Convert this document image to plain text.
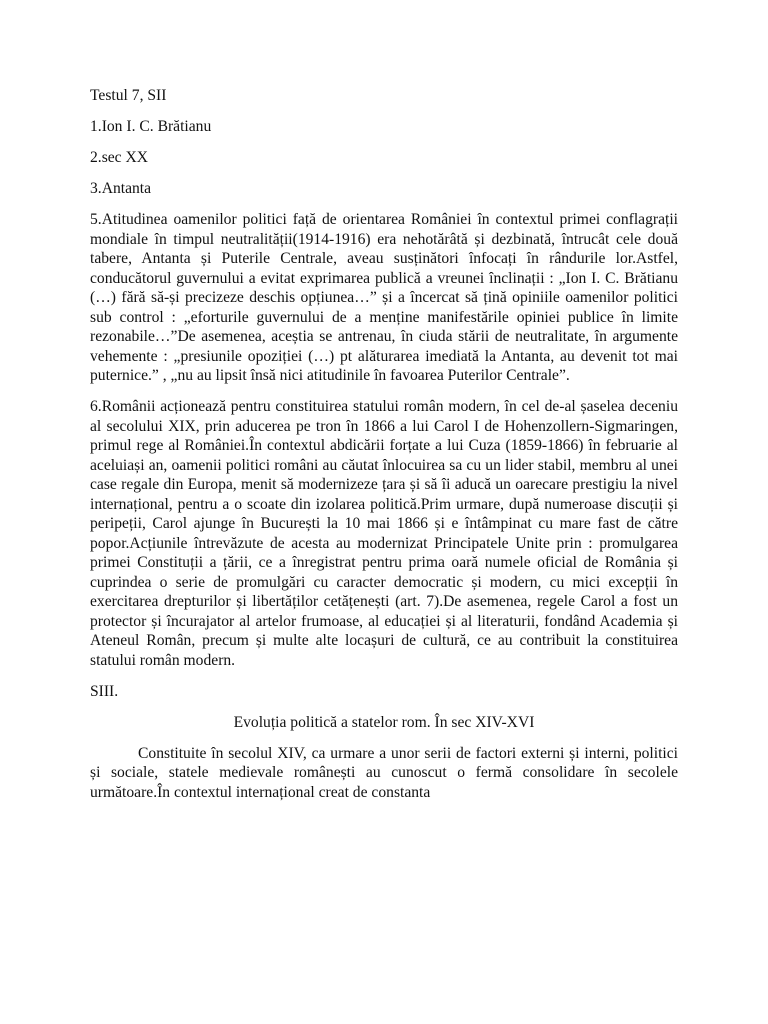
Testul 7, SII

1.Ion I. C. Brătianu

2.sec XX

3.Antanta

5.Atitudinea oamenilor politici față de orientarea României în contextul primei conflagrații mondiale în timpul neutralității(1914-1916) era nehotărâtă și dezbinată, întrucât cele două tabere, Antanta și Puterile Centrale, aveau susținători înfocați în rândurile lor.Astfel, conducătorul guvernului a evitat exprimarea publică a vreunei înclinații : „Ion I. C. Brătianu (…) fără să-și precizeze deschis opțiunea…” și a încercat să țină opiniile oamenilor politici sub control : „eforturile guvernului de a menține manifestările opiniei publice în limite rezonabile…”De asemenea, aceștia se antrenau, în ciuda stării de neutralitate, în argumente vehemente : „presiunile opoziției (…) pt alăturarea imediată la Antanta, au devenit tot mai puternice.” , „nu au lipsit însă nici atitudinile în favoarea Puterilor Centrale”.

6.Românii acționează pentru constituirea statului român modern, în cel de-al șaselea deceniu al secolului XIX, prin aducerea pe tron în 1866 a lui Carol I de Hohenzollern-Sigmaringen, primul rege al României.În contextul abdicării forțate a lui Cuza (1859-1866) în februarie al aceluiași an, oamenii politici români au căutat înlocuirea sa cu un lider stabil, membru al unei case regale din Europa, menit să modernizeze țara și să îi aducă un oarecare prestigiu la nivel internațional, pentru a o scoate din izolarea politică.Prim urmare, după numeroase discuții și peripeții, Carol ajunge în București la 10 mai 1866 și e întâmpinat cu mare fast de către popor.Acțiunile întrevăzute de acesta au modernizat Principatele Unite prin : promulgarea primei Constituții a țării, ce a înregistrat pentru prima oară numele oficial de România și cuprindea o serie de promulgări cu caracter democratic și modern, cu mici excepții în exercitarea drepturilor și libertăților cetățenești (art. 7).De asemenea, regele Carol a fost un protector și încurajator al artelor frumoase, al educației și al literaturii, fondând Academia și Ateneul Român, precum și multe alte locașuri de cultură, ce au contribuit la constituirea statului român modern.

SIII.

Evoluția politică a statelor rom. În sec XIV-XVI

Constituite în secolul XIV, ca urmare a unor serii de factori externi și interni, politici și sociale, statele medievale românești au cunoscut o fermă consolidare în secolele următoare.În contextul internațional creat de constanta
